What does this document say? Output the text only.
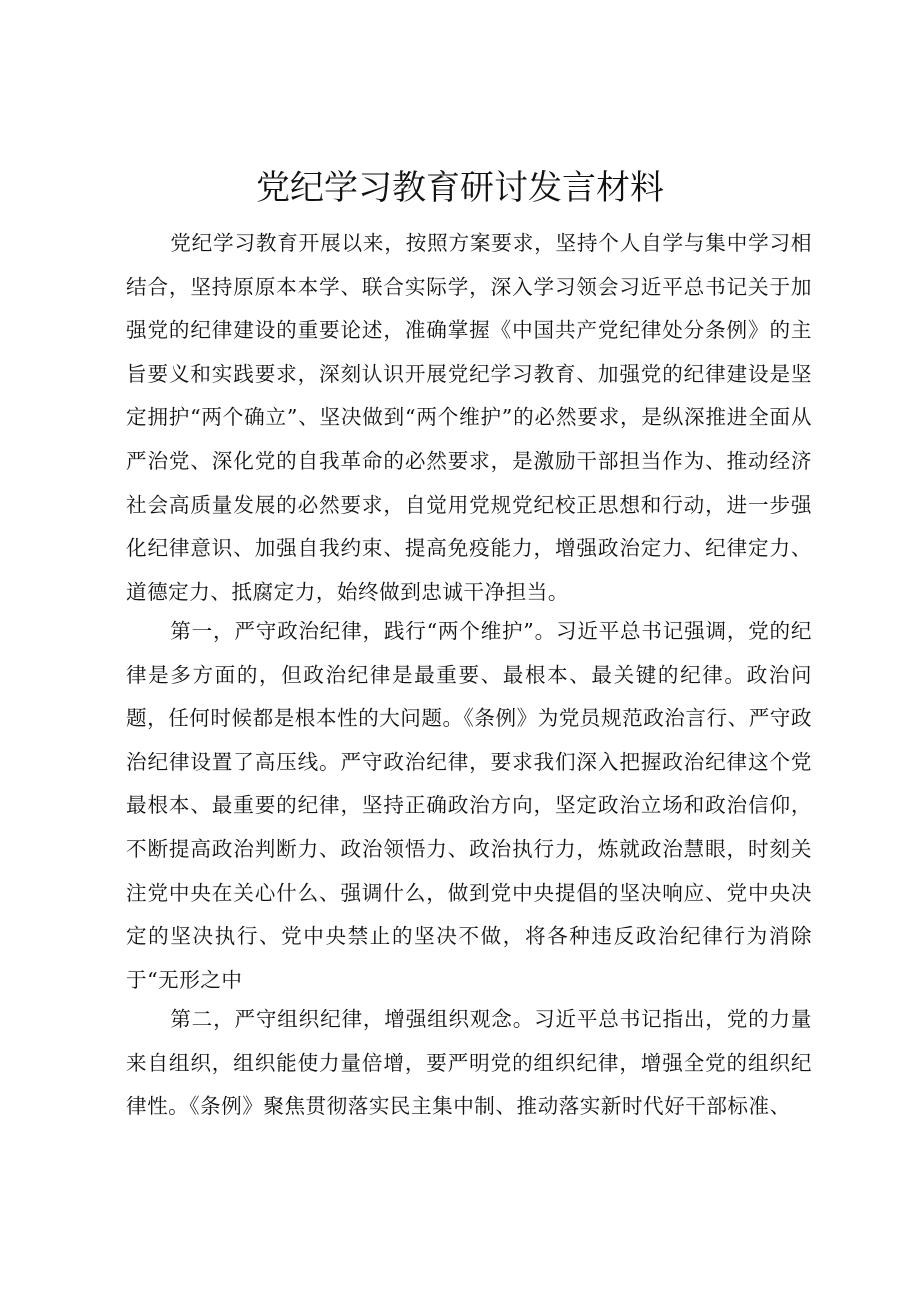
党纪学习教育研讨发言材料

党纪学习教育开展以来，按照方案要求，坚持个人自学与集中学习相结合，坚持原原本本学、联合实际学，深入学习领会习近平总书记关于加强党的纪律建设的重要论述，准确掌握《中国共产党纪律处分条例》的主旨要义和实践要求，深刻认识开展党纪学习教育、加强党的纪律建设是坚定拥护“两个确立”、坚决做到“两个维护”的必然要求，是纵深推进全面从严治党、深化党的自我革命的必然要求，是激励干部担当作为、推动经济社会高质量发展的必然要求，自觉用党规党纪校正思想和行动，进一步强化纪律意识、加强自我约束、提高免疫能力，增强政治定力、纪律定力、道德定力、抵腐定力，始终做到忠诚干净担当。

第一，严守政治纪律，践行“两个维护”。习近平总书记强调，党的纪律是多方面的，但政治纪律是最重要、最根本、最关键的纪律。政治问题，任何时候都是根本性的大问题。《条例》为党员规范政治言行、严守政治纪律设置了高压线。严守政治纪律，要求我们深入把握政治纪律这个党最根本、最重要的纪律，坚持正确政治方向，坚定政治立场和政治信仰，不断提高政治判断力、政治领悟力、政治执行力，炼就政治慧眼，时刻关注党中央在关心什么、强调什么，做到党中央提倡的坚决响应、党中央决定的坚决执行、党中央禁止的坚决不做，将各种违反政治纪律行为消除于“无形之中

第二，严守组织纪律，增强组织观念。习近平总书记指出，党的力量来自组织，组织能使力量倍增，要严明党的组织纪律，增强全党的组织纪律性。《条例》聚焦贯彻落实民主集中制、推动落实新时代好干部标准、
